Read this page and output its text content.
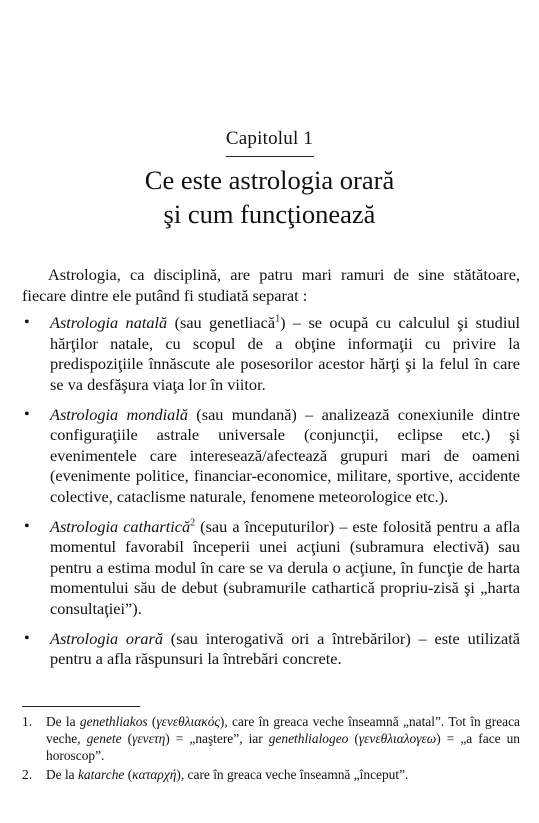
Capitolul 1
Ce este astrologia orară
şi cum funcţionează

Astrologia, ca disciplină, are patru mari ramuri de sine stătătoare, fiecare dintre ele putând fi studiată separat :

• Astrologia natală (sau genetliacă$^1$) – se ocupă cu calculul şi studiul hărţilor natale, cu scopul de a obţine informaţii cu privire la predispoziţiile înnăscute ale posesorilor acestor hărţi şi la felul în care se va desfăşura viaţa lor în viitor.
• Astrologia mondială (sau mundană) – analizează conexiunile dintre configuraţiile astrale universale (conjuncţii, eclipse etc.) şi evenimentele care interesează/afectează grupuri mari de oameni (evenimente politice, financiar-economice, militare, sportive, accidente colective, cataclisme naturale, fenomene meteorologice etc.).
• Astrologia cathartică$^2$ (sau a începuturilor) – este folosită pentru a afla momentul favorabil începerii unei acţiuni (subramura electivă) sau pentru a estima modul în care se va derula o acţiune, în funcţie de harta momentului său de debut (subramurile cathartică propriu-zisă şi „harta consultaţiei”).
• Astrologia orară (sau interogativă ori a întrebărilor) – este utilizată pentru a afla răspunsuri la întrebări concrete.
1. De la genethliakos (γενεθλιακός), care în greaca veche înseamnă „natal”. Tot în greaca veche, genete (γενετη) = „naştere”, iar genethlialogeo (γενεθλιαλογεω) = „a face un horoscop”.
2. De la katarche (καταρχή), care în greaca veche înseamnă „început”.
